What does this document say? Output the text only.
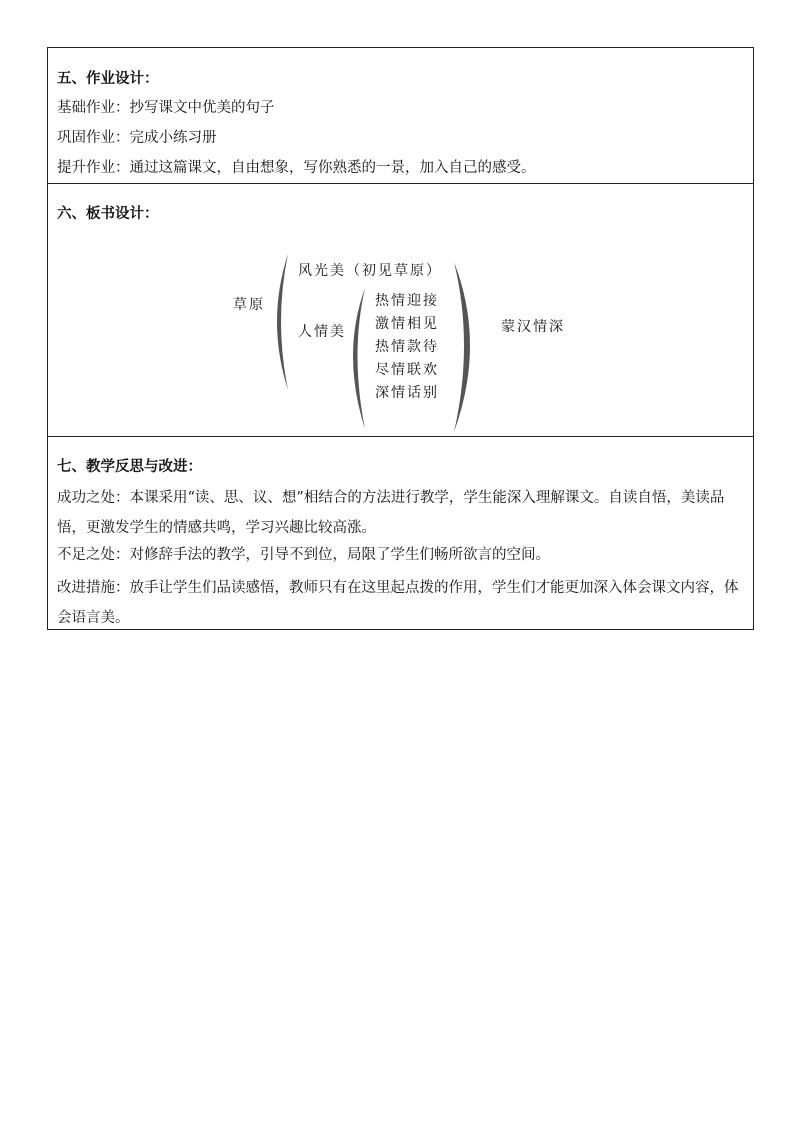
五、作业设计：
基础作业：抄写课文中优美的句子
巩固作业：完成小练习册
提升作业：通过这篇课文，自由想象，写你熟悉的一景，加入自己的感受。
六、板书设计：
草原
风光美（初见草原）
人情美
热情迎接
激情相见
热情款待
尽情联欢
深情话别
蒙汉情深
七、教学反思与改进：
成功之处：本课采用“读、思、议、想”相结合的方法进行教学，学生能深入理解课文。自读自悟，美读品悟，更激发学生的情感共鸣，学习兴趣比较高涨。
不足之处：对修辞手法的教学，引导不到位，局限了学生们畅所欲言的空间。
改进措施：放手让学生们品读感悟，教师只有在这里起点拨的作用，学生们才能更加深入体会课文内容，体会语言美。
